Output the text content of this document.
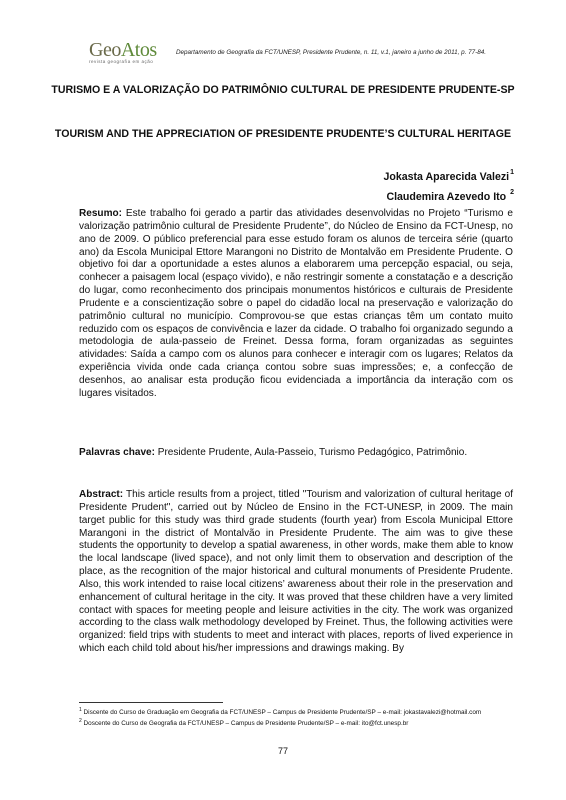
GeoAtos
revista geografia em ação
Departamento de Geografia da FCT/UNESP, Presidente Prudente, n. 11, v.1, janeiro a junho de 2011, p. 77-84.
TURISMO E A VALORIZAÇÃO DO PATRIMÔNIO CULTURAL DE PRESIDENTE PRUDENTE-SP
TOURISM AND THE APPRECIATION OF PRESIDENTE PRUDENTE’S CULTURAL HERITAGE
Jokasta Aparecida Valezi$^1$
Claudemira Azevedo Ito $^2$
Resumo: Este trabalho foi gerado a partir das atividades desenvolvidas no Projeto “Turismo e valorização patrimônio cultural de Presidente Prudente”, do Núcleo de Ensino da FCT-Unesp, no ano de 2009. O público preferencial para esse estudo foram os alunos de terceira série (quarto ano) da Escola Municipal Ettore Marangoni no Distrito de Montalvão em Presidente Prudente. O objetivo foi dar a oportunidade a estes alunos a elaborarem uma percepção espacial, ou seja, conhecer a paisagem local (espaço vivido), e não restringir somente a constatação e a descrição do lugar, como reconhecimento dos principais monumentos históricos e culturais de Presidente Prudente e a conscientização sobre o papel do cidadão local na preservação e valorização do patrimônio cultural no município. Comprovou-se que estas crianças têm um contato muito reduzido com os espaços de convivência e lazer da cidade. O trabalho foi organizado segundo a metodologia de aula-passeio de Freinet. Dessa forma, foram organizadas as seguintes atividades: Saída a campo com os alunos para conhecer e interagir com os lugares; Relatos da experiência vivida onde cada criança contou sobre suas impressões; e, a confecção de desenhos, ao analisar esta produção ficou evidenciada a importância da interação com os lugares visitados.
Palavras chave: Presidente Prudente, Aula-Passeio, Turismo Pedagógico, Patrimônio.
Abstract: This article results from a project, titled "Tourism and valorization of cultural heritage of Presidente Prudent", carried out by Núcleo de Ensino in the FCT-UNESP, in 2009. The main target public for this study was third grade students (fourth year) from Escola Municipal Ettore Marangoni in the district of Montalvão in Presidente Prudente. The aim was to give these students the opportunity to develop a spatial awareness, in other words, make them able to know the local landscape (lived space), and not only limit them to observation and description of the place, as the recognition of the major historical and cultural monuments of Presidente Prudente. Also, this work intended to raise local citizens’ awareness about their role in the preservation and enhancement of cultural heritage in the city. It was proved that these children have a very limited contact with spaces for meeting people and leisure activities in the city. The work was organized according to the class walk methodology developed by Freinet. Thus, the following activities were organized: field trips with students to meet and interact with places, reports of lived experience in which each child told about his/her impressions and drawings making. By
$^1$ Discente do Curso de Graduação em Geografia da FCT/UNESP – Campus de Presidente Prudente/SP – e-mail: jokastavalezi@hotmail.com
$^2$ Doscente do Curso de Geografia da FCT/UNESP – Campus de Presidente Prudente/SP – e-mail: ito@fct.unesp.br
77
